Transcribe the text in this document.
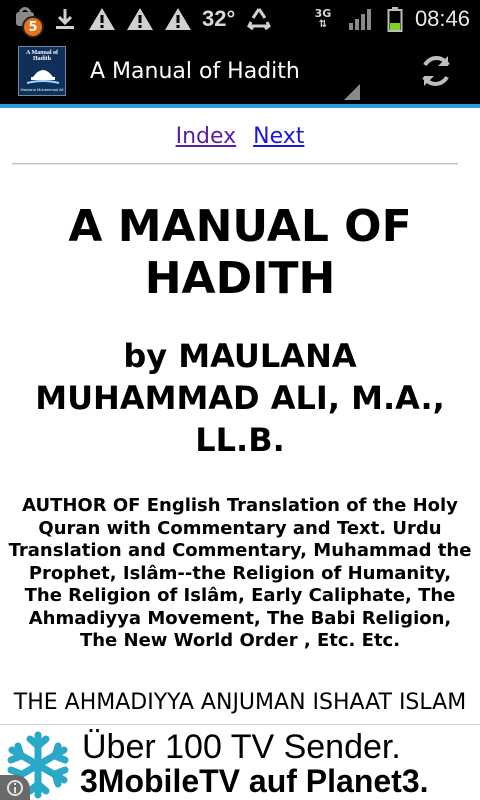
5	32°	3G
⇅	08:46
A Manual of Hadith
Maulana Muhammad Ali
A Manual of Hadith
Index Next
A MANUAL OF HADITH
by MAULANA MUHAMMAD ALI, M.A., LL.B.
AUTHOR OF English Translation of the Holy Quran with Commentary and Text. Urdu Translation and Commentary, Muhammad the Prophet, Islâm--the Religion of Humanity, The Religion of Islâm, Early Caliphate, The Ahmadiyya Movement, The Babi Religion, The New World Order , Etc. Etc.
THE AHMADIYYA ANJUMAN ISHAAT ISLAM
Über 100 TV Sender.
3MobileTV auf Planet3.
